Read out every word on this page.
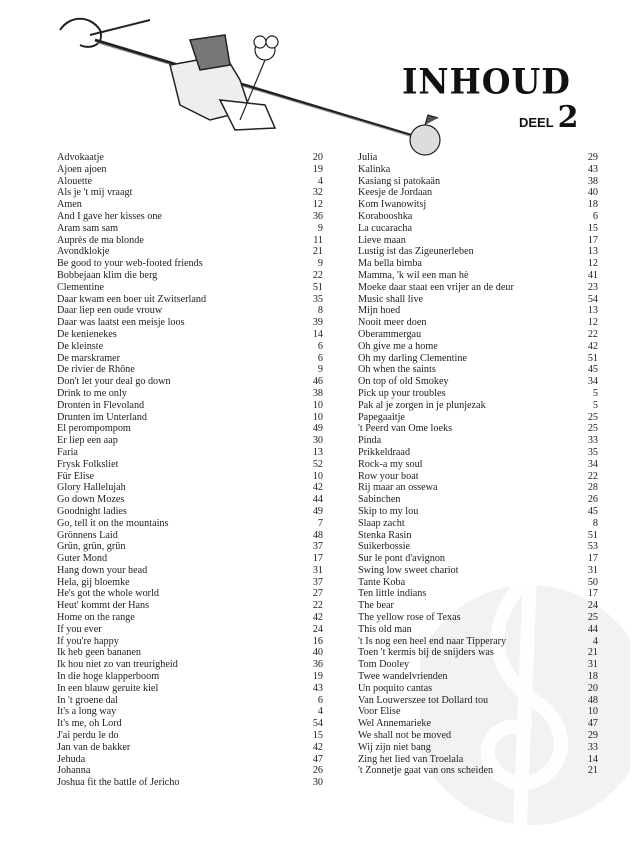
INHOUD
DEEL 2
Advokaatje	20
Ajoen ajoen	19
Alouette	4
Als je 't mij vraagt	32
Amen	12
And I gave her kisses one	36
Aram sam sam	9
Auprès de ma blonde	11
Avondklokje	21
Be good to your web-footed friends	9
Bobbejaan klim die berg	22
Clementine	51
Daar kwam een boer uit Zwitserland	35
Daar liep een oude vrouw	8
Daar was laatst een meisje loos	39
De kenienekes	14
De kleinste	6
De marskramer	6
De rivier de Rhône	9
Don't let your deal go down	46
Drink to me only	38
Dronten in Flevoland	10
Drunten im Unterland	10
El perompompom	49
Er liep een aap	30
Faria	13
Frysk Folksliet	52
Für Elise	10
Glory Hallelujah	42
Go down Mozes	44
Goodnight ladies	49
Go, tell it on the mountains	7
Grönnens Laid	48
Grün, grün, grün	37
Guter Mond	17
Hang down your head	31
Hela, gij bloemke	37
He's got the whole world	27
Heut' kommt der Hans	22
Home on the range	42
If you ever	24
If you're happy	16
Ik heb geen bananen	40
Ik hou niet zo van treurigheid	36
In die hoge klapperboom	19
In een blauw geruite kiel	43
In 't groene dal	6
It's a long way	4
It's me, oh Lord	54
J'ai perdu le do	15
Jan van de bakker	42
Jehuda	47
Johanna	26
Joshua fit the battle of Jericho	30
Julia	29
Kalinka	43
Kasiang si patokaän	38
Keesje de Jordaan	40
Kom Iwanowitsj	18
Korabooshka	6
La cucaracha	15
Lieve maan	17
Lustig ist das Zigeunerleben	13
Ma bella bimba	12
Mamma, 'k wil een man hè	41
Moeke daar staat een vrijer an de deur	23
Music shall live	54
Mijn hoed	13
Nooit meer doen	12
Oberammergau	22
Oh give me a home	42
Oh my darling Clementine	51
Oh when the saints	45
On top of old Smokey	34
Pick up your troubles	5
Pak al je zorgen in je plunjezak	5
Papegaaitje	25
't Peerd van Ome loeks	25
Pinda	33
Prikkeldraad	35
Rock-a my soul	34
Row your boat	22
Rij maar an ossewa	28
Sabinchen	26
Skip to my lou	45
Slaap zacht	8
Stenka Rasin	51
Suikerbossie	53
Sur le pont d'avignon	17
Swing low sweet chariot	31
Tante Koba	50
Ten little indians	17
The bear	24
The yellow rose of Texas	25
This old man	44
't Is nog een heel end naar Tipperary	4
Toen 't kermis bij de snijders was	21
Tom Dooley	31
Twee wandelvrienden	18
Un poquito cantas	20
Van Louwerszee tot Dollard tou	48
Voor Elise	10
Wel Annemarieke	47
We shall not be moved	29
Wij zijn niet bang	33
Zing het lied van Troelala	14
't Zonnetje gaat van ons scheiden	21
